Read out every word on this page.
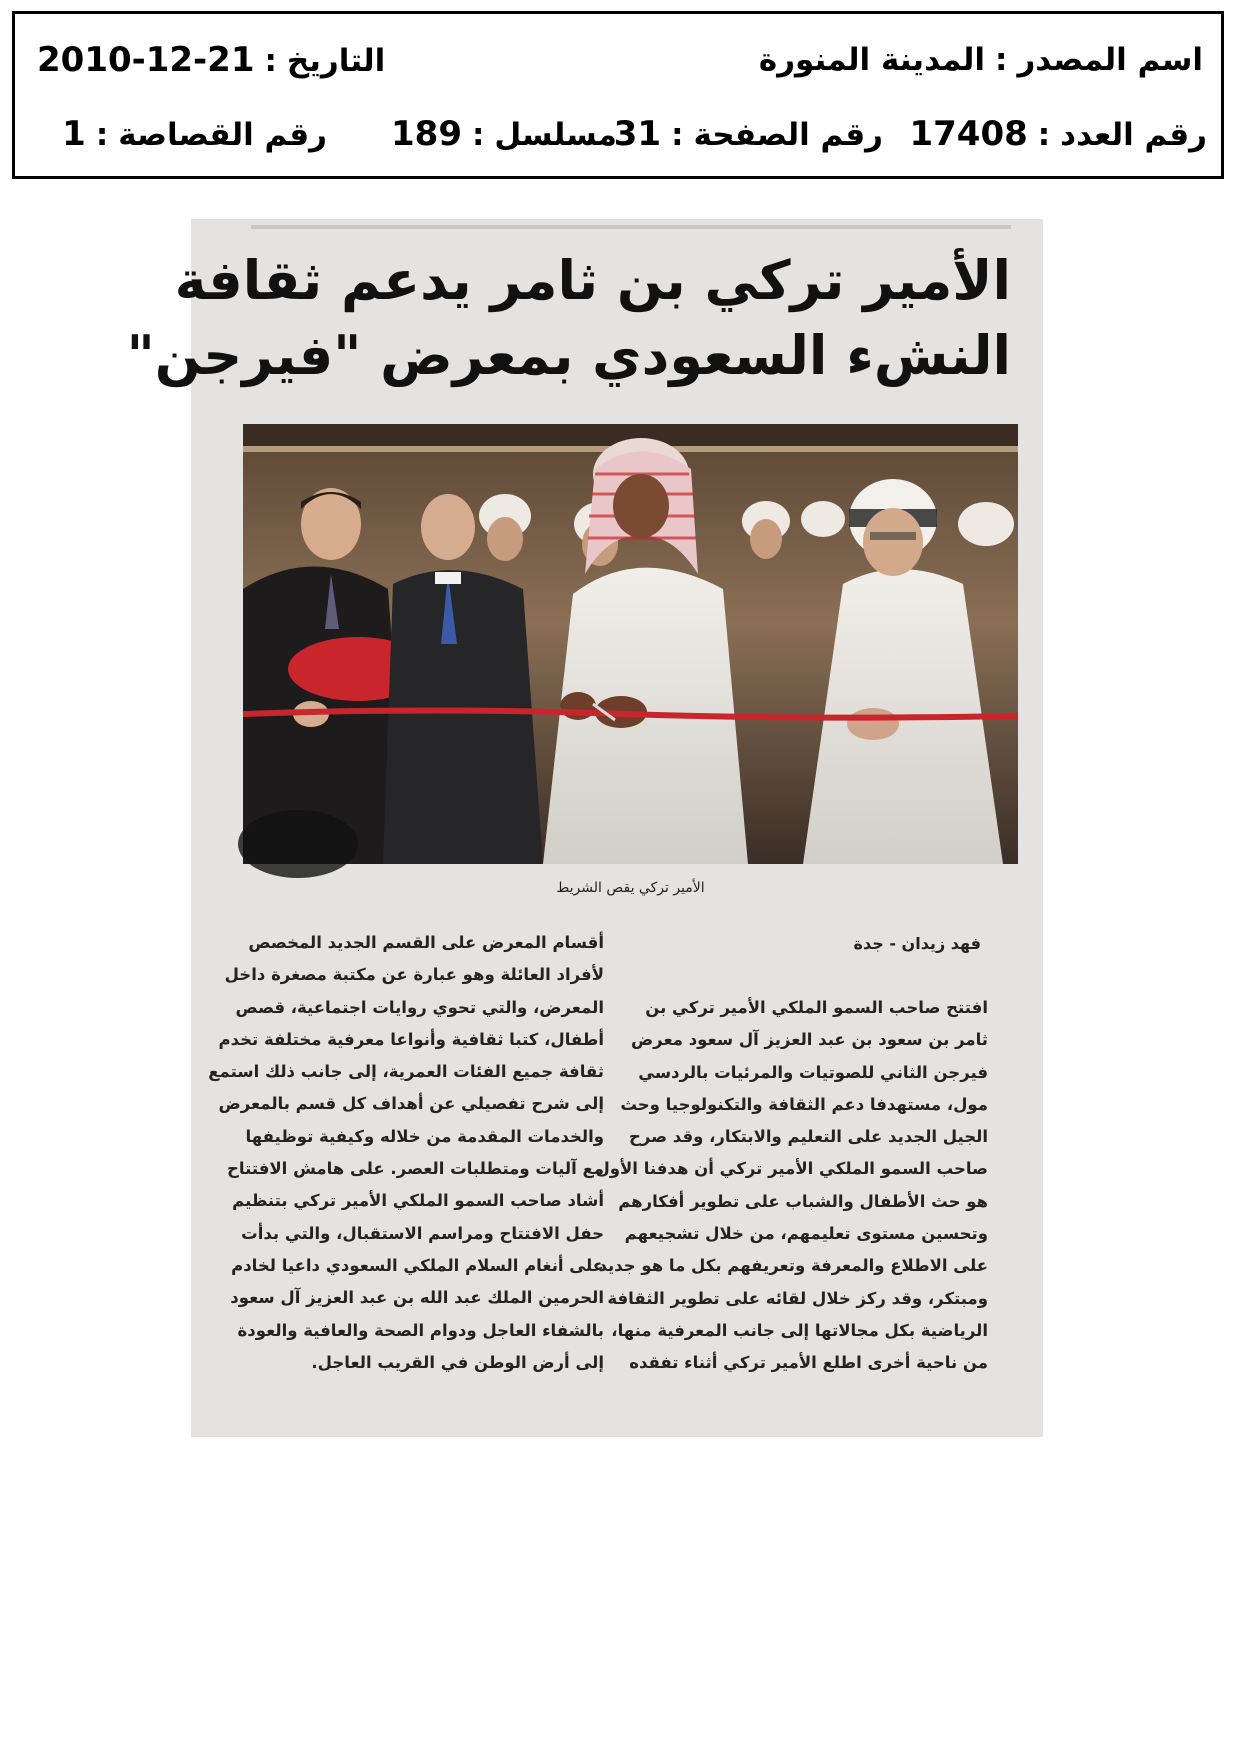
اسم المصدر:المدينة المنورة
التاريخ:2010-12-21
رقم العدد:17408
رقم الصفحة:31
مسلسل:189
رقم القصاصة:1
الأمير تركي بن ثامر يدعم ثقافة
النشء السعودي بمعرض "فيرجن"
الأمير تركي يقص الشريط
فهد زيدان - جدة
افتتح صاحب السمو الملكي الأمير تركي بن
ثامر بن سعود بن عبد العزيز آل سعود معرض
فيرجن الثاني للصوتيات والمرئيات بالردسي
مول، مستهدفا دعم الثقافة والتكنولوجيا وحث
الجيل الجديد على التعليم والابتكار، وقد صرح
صاحب السمو الملكي الأمير تركي أن هدفنا الأول
هو حث الأطفال والشباب على تطوير أفكارهم
وتحسين مستوى تعليمهم، من خلال تشجيعهم
على الاطلاع والمعرفة وتعريفهم بكل ما هو جديد
ومبتكر، وقد ركز خلال لقائه على تطوير الثقافة
الرياضية بكل مجالاتها إلى جانب المعرفية منها،
من ناحية أخرى اطلع الأمير تركي أثناء تفقده
أقسام المعرض على القسم الجديد المخصص
لأفراد العائلة وهو عبارة عن مكتبة مصغرة داخل
المعرض، والتي تحوي روايات اجتماعية، قصص
أطفال، كتبا ثقافية وأنواعا معرفية مختلفة تخدم
ثقافة جميع الفئات العمرية، إلى جانب ذلك استمع
إلى شرح تفصيلي عن أهداف كل قسم بالمعرض
والخدمات المقدمة من خلاله وكيفية توظيفها
مع آليات ومتطلبات العصر. على هامش الافتتاح
أشاد صاحب السمو الملكي الأمير تركي بتنظيم
حفل الافتتاح ومراسم الاستقبال، والتي بدأت
على أنغام السلام الملكي السعودي داعيا لخادم
الحرمين الملك عبد الله بن عبد العزيز آل سعود
بالشفاء العاجل ودوام الصحة والعافية والعودة
إلى أرض الوطن في القريب العاجل.
